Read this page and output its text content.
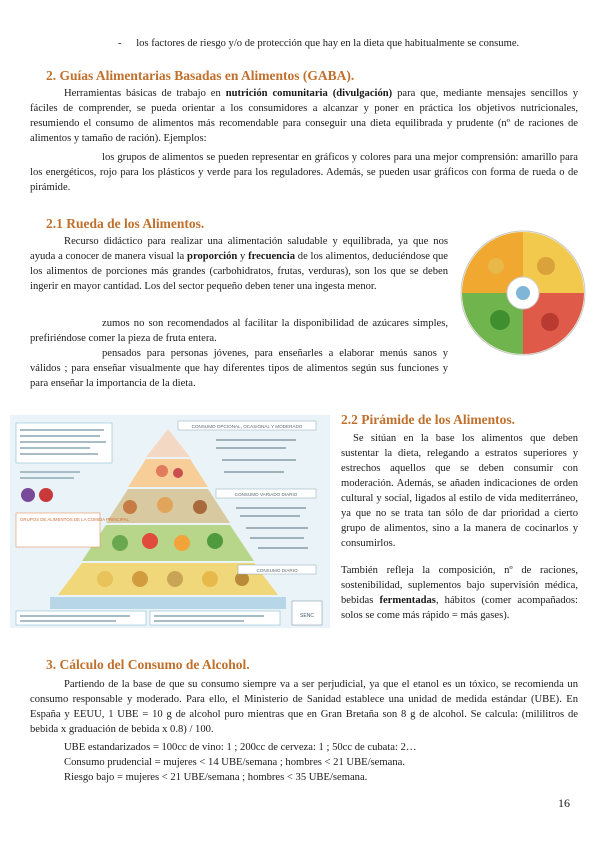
- los factores de riesgo y/o de protección que hay en la dieta que habitualmente se consume.

2. Guías Alimentarias Basadas en Alimentos (GABA).

Herramientas básicas de trabajo en nutrición comunitaria (divulgación) para que, mediante mensajes sencillos y fáciles de comprender, se pueda orientar a los consumidores a alcanzar y poner en práctica los objetivos nutricionales, resumiendo el consumo de alimentos más recomendable para conseguir una dieta equilibrada y prudente (nº de raciones de alimentos y tamaño de ración). Ejemplos:

los grupos de alimentos se pueden representar en gráficos y colores para una mejor comprensión: amarillo para los energéticos, rojo para los plásticos y verde para los reguladores. Además, se pueden usar gráficos con forma de rueda o de pirámide.

2.1 Rueda de los Alimentos.

Recurso didáctico para realizar una alimentación saludable y equilibrada, ya que nos ayuda a conocer de manera visual la proporción y frecuencia de los alimentos, deduciéndose que los alimentos de porciones más grandes (carbohidratos, frutas, verduras), son los que se deben ingerir en mayor cantidad. Los del sector pequeño deben tener una ingesta menor.

zumos no son recomendados al facilitar la disponibilidad de azúcares simples, prefiriéndose comer la pieza de fruta entera.

pensados para personas jóvenes, para enseñarles a elaborar menús sanos y válidos ; para enseñar visualmente que hay diferentes tipos de alimentos según sus funciones y para enseñar la importancia de la dieta.

CONSUMO OPCIONAL, OCASIONAL Y MODERADO
CONSUMO VARIADO DIARIO
CONSUMO DIARIO
GRUPOS DE ALIMENTOS DE LA COMIDA PRINCIPAL
SENC
2.2 Pirámide de los Alimentos.

Se sitúan en la base los alimentos que deben sustentar la dieta, relegando a estratos superiores y estrechos aquellos que se deben consumir con moderación. Además, se añaden indicaciones de orden cultural y social, ligados al estilo de vida mediterráneo, ya que no se trata tan sólo de dar prioridad a cierto grupo de alimentos, sino a la manera de cocinarlos y consumirlos.

También refleja la composición, nº de raciones, sostenibilidad, suplementos bajo supervisión médica, bebidas fermentadas, hábitos (comer acompañados: solos se come más rápido = más gases).

3. Cálculo del Consumo de Alcohol.

Partiendo de la base de que su consumo siempre va a ser perjudicial, ya que el etanol es un tóxico, se recomienda un consumo responsable y moderado. Para ello, el Ministerio de Sanidad establece una unidad de medida estándar (UBE). En España y EEUU, 1 UBE = 10 g de alcohol puro mientras que en Gran Bretaña son 8 g de alcohol. Se calcula: (mililitros de bebida x graduación de bebida x 0.8) / 100.

UBE estandarizados = 100cc de vino: 1 ; 200cc de cerveza: 1 ; 50cc de cubata: 2…

Consumo prudencial = mujeres < 14 UBE/semana ; hombres < 21 UBE/semana.

Riesgo bajo = mujeres < 21 UBE/semana ; hombres < 35 UBE/semana.

16
